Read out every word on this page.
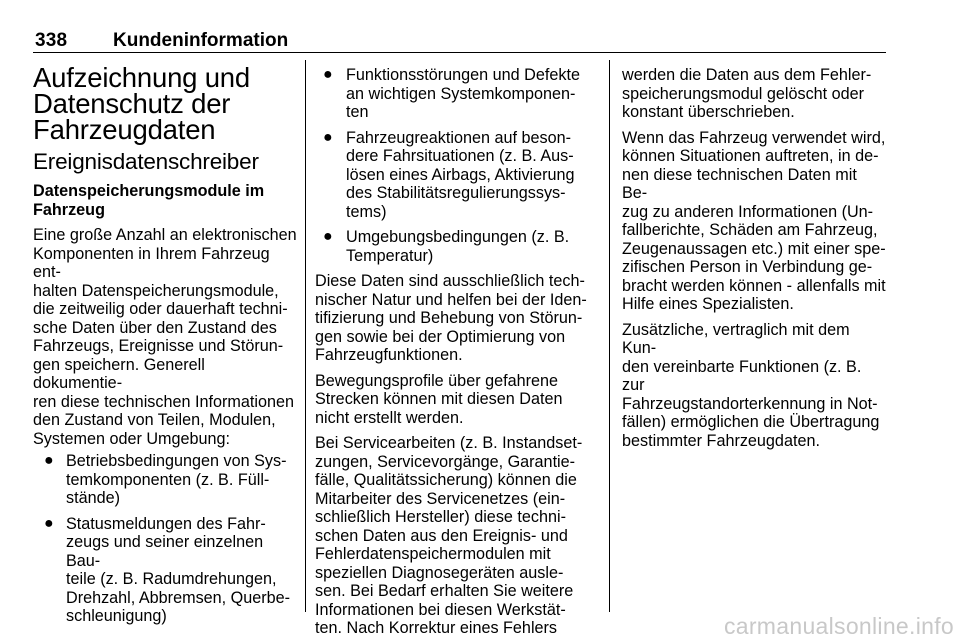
338 Kundeninformation
Aufzeichnung und
Datenschutz der
Fahrzeugdaten
Ereignisdatenschreiber
Datenspeicherungsmodule im
Fahrzeug

Eine große Anzahl an elektronischen
Komponenten in Ihrem Fahrzeug ent-
halten Datenspeicherungsmodule,
die zeitweilig oder dauerhaft techni-
sche Daten über den Zustand des
Fahrzeugs, Ereignisse und Störun-
gen speichern. Generell dokumentie-
ren diese technischen Informationen
den Zustand von Teilen, Modulen,
Systemen oder Umgebung:

● Betriebsbedingungen von Sys-
temkomponenten (z. B. Füll-
stände)
● Statusmeldungen des Fahr-
zeugs und seiner einzelnen Bau-
teile (z. B. Radumdrehungen,
Drehzahl, Abbremsen, Querbe-
schleunigung)
● Funktionsstörungen und Defekte
an wichtigen Systemkomponen-
ten
● Fahrzeugreaktionen auf beson-
dere Fahrsituationen (z. B. Aus-
lösen eines Airbags, Aktivierung
des Stabilitätsregulierungssys-
tems)
● Umgebungsbedingungen (z. B.
Temperatur)

Diese Daten sind ausschließlich tech-
nischer Natur und helfen bei der Iden-
tifizierung und Behebung von Störun-
gen sowie bei der Optimierung von
Fahrzeugfunktionen.

Bewegungsprofile über gefahrene
Strecken können mit diesen Daten
nicht erstellt werden.

Bei Servicearbeiten (z. B. Instandset-
zungen, Servicevorgänge, Garantie-
fälle, Qualitätssicherung) können die
Mitarbeiter des Servicenetzes (ein-
schließlich Hersteller) diese techni-
schen Daten aus den Ereignis- und
Fehlerdatenspeichermodulen mit
speziellen Diagnosegeräten ausle-
sen. Bei Bedarf erhalten Sie weitere
Informationen bei diesen Werkstät-
ten. Nach Korrektur eines Fehlers

werden die Daten aus dem Fehler-
speicherungsmodul gelöscht oder
konstant überschrieben.

Wenn das Fahrzeug verwendet wird,
können Situationen auftreten, in de-
nen diese technischen Daten mit Be-
zug zu anderen Informationen (Un-
fallberichte, Schäden am Fahrzeug,
Zeugenaussagen etc.) mit einer spe-
zifischen Person in Verbindung ge-
bracht werden können - allenfalls mit
Hilfe eines Spezialisten.

Zusätzliche, vertraglich mit dem Kun-
den vereinbarte Funktionen (z. B. zur
Fahrzeugstandorterkennung in Not-
fällen) ermöglichen die Übertragung
bestimmter Fahrzeugdaten.

carmanualsonline.info
